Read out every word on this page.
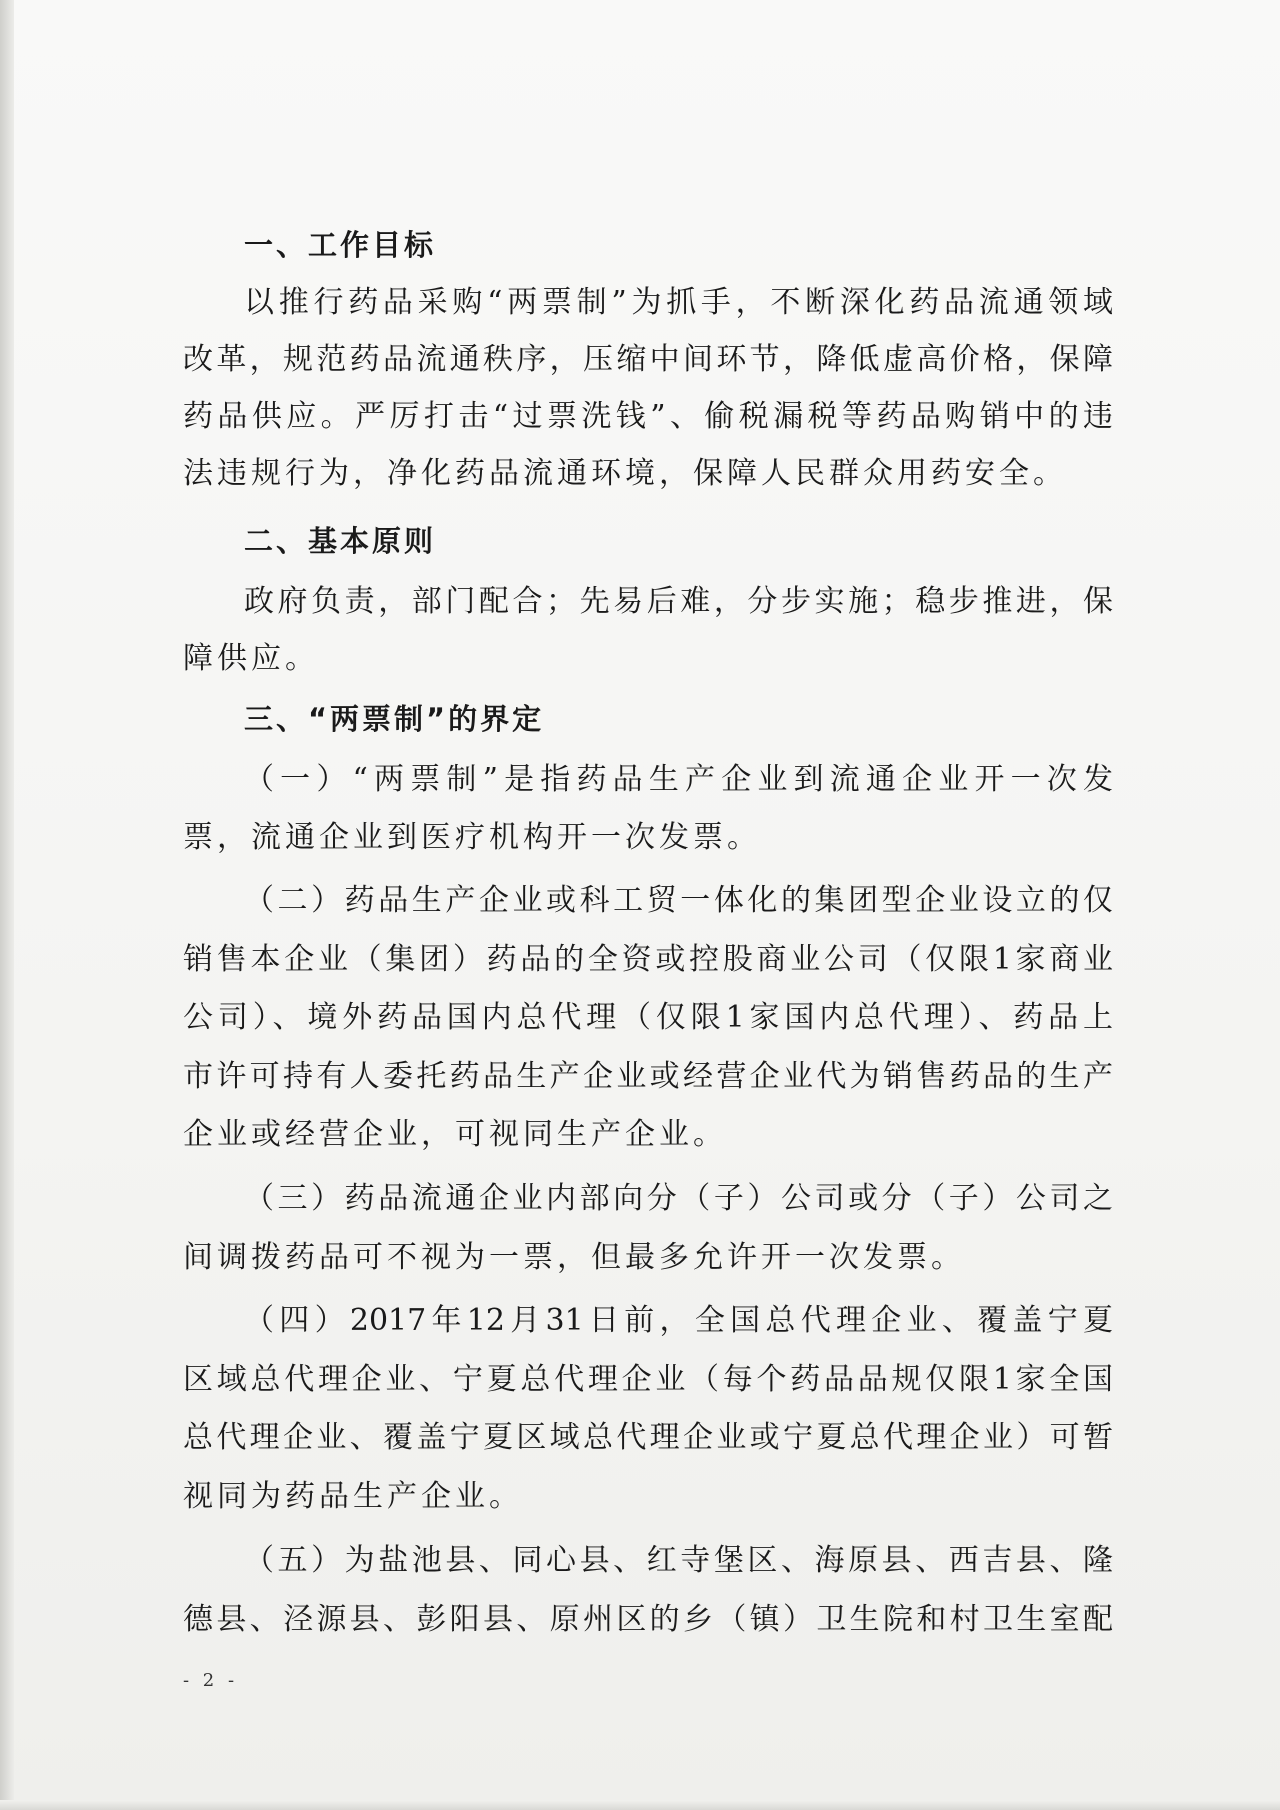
一、工作目标
以推行药品采购“两票制”为抓手，不断深化药品流通领域
改革，规范药品流通秩序，压缩中间环节，降低虚高价格，保障
药品供应。严厉打击“过票洗钱”、偷税漏税等药品购销中的违
法违规行为，净化药品流通环境，保障人民群众用药安全。
二、基本原则
政府负责，部门配合；先易后难，分步实施；稳步推进，保
障供应。
三、“两票制”的界定
（一）“两票制”是指药品生产企业到流通企业开一次发
票，流通企业到医疗机构开一次发票。
（二）药品生产企业或科工贸一体化的集团型企业设立的仅
销售本企业（集团）药品的全资或控股商业公司（仅限1家商业
公司）、境外药品国内总代理（仅限1家国内总代理）、药品上
市许可持有人委托药品生产企业或经营企业代为销售药品的生产
企业或经营企业，可视同生产企业。
（三）药品流通企业内部向分（子）公司或分（子）公司之
间调拨药品可不视为一票，但最多允许开一次发票。
（四）2017年12月31日前，全国总代理企业、覆盖宁夏
区域总代理企业、宁夏总代理企业（每个药品品规仅限1家全国
总代理企业、覆盖宁夏区域总代理企业或宁夏总代理企业）可暂
视同为药品生产企业。
（五）为盐池县、同心县、红寺堡区、海原县、西吉县、隆
德县、泾源县、彭阳县、原州区的乡（镇）卫生院和村卫生室配
- 2 -
